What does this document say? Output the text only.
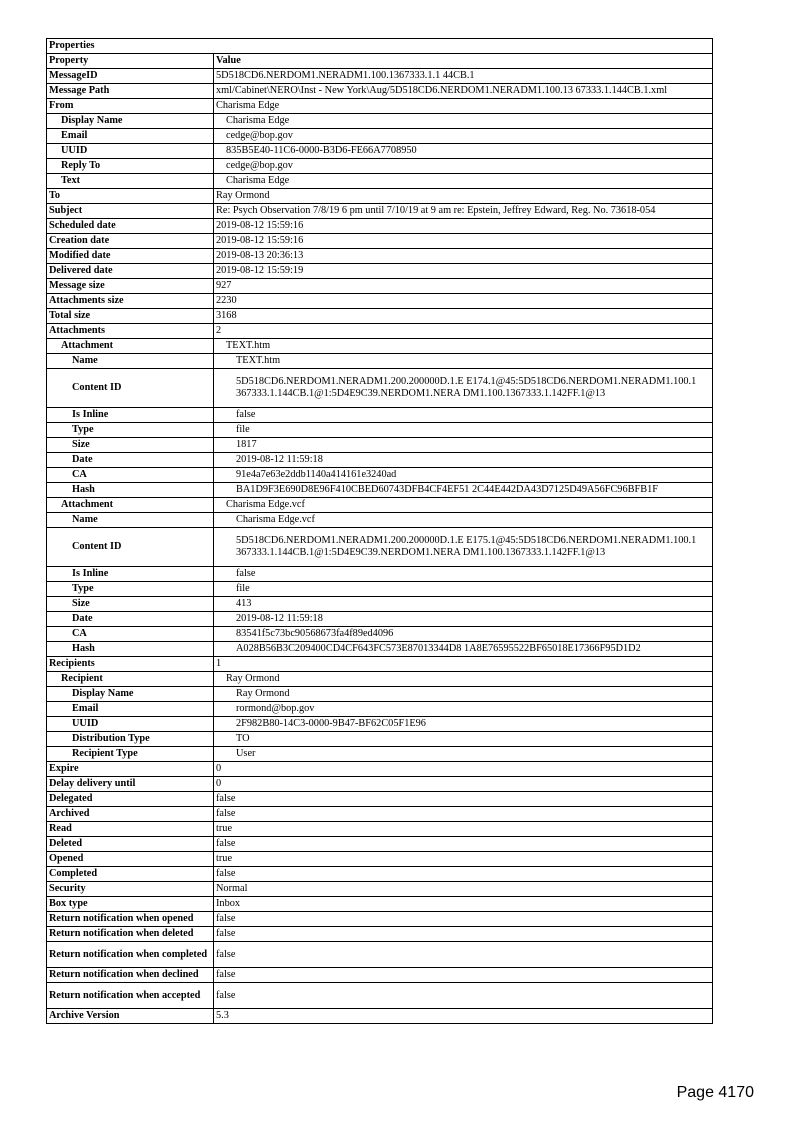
Properties	
Property	Value
MessageID	5D518CD6.NERDOM1.NERADM1.100.1367333.1.1 44CB.1
Message Path	xml/Cabinet\NERO\Inst - New York\Aug/5D518CD6.NERDOM1.NERADM1.100.13 67333.1.144CB.1.xml
From	Charisma Edge
Display Name	Charisma Edge
Email	cedge@bop.gov
UUID	835B5E40-11C6-0000-B3D6-FE66A7708950
Reply To	cedge@bop.gov
Text	Charisma Edge
To	Ray Ormond
Subject	Re: Psych Observation 7/8/19 6 pm until 7/10/19 at 9 am re: Epstein, Jeffrey Edward, Reg. No. 73618-054
Scheduled date	2019-08-12 15:59:16
Creation date	2019-08-12 15:59:16
Modified date	2019-08-13 20:36:13
Delivered date	2019-08-12 15:59:19
Message size	927
Attachments size	2230
Total size	3168
Attachments	2
Attachment	TEXT.htm
Name	TEXT.htm
Content ID	5D518CD6.NERDOM1.NERADM1.200.200000D.1.E E174.1@45:5D518CD6.NERDOM1.NERADM1.100.1 367333.1.144CB.1@1:5D4E9C39.NERDOM1.NERA DM1.100.1367333.1.142FF.1@13
Is Inline	false
Type	file
Size	1817
Date	2019-08-12 11:59:18
CA	91e4a7e63e2ddb1140a414161e3240ad
Hash	BA1D9F3E690D8E96F410CBED60743DFB4CF4EF51 2C44E442DA43D7125D49A56FC96BFB1F
Attachment	Charisma Edge.vcf
Name	Charisma Edge.vcf
Content ID	5D518CD6.NERDOM1.NERADM1.200.200000D.1.E E175.1@45:5D518CD6.NERDOM1.NERADM1.100.1 367333.1.144CB.1@1:5D4E9C39.NERDOM1.NERA DM1.100.1367333.1.142FF.1@13
Is Inline	false
Type	file
Size	413
Date	2019-08-12 11:59:18
CA	83541f5c73bc90568673fa4f89ed4096
Hash	A028B56B3C209400CD4CF643FC573E87013344D8 1A8E76595522BF65018E17366F95D1D2
Recipients	1
Recipient	Ray Ormond
Display Name	Ray Ormond
Email	rormond@bop.gov
UUID	2F982B80-14C3-0000-9B47-BF62C05F1E96
Distribution Type	TO
Recipient Type	User
Expire	0
Delay delivery until	0
Delegated	false
Archived	false
Read	true
Deleted	false
Opened	true
Completed	false
Security	Normal
Box type	Inbox
Return notification when opened	false
Return notification when deleted	false
Return notification when completed	false
Return notification when declined	false
Return notification when accepted	false
Archive Version	5.3
Page 4170
